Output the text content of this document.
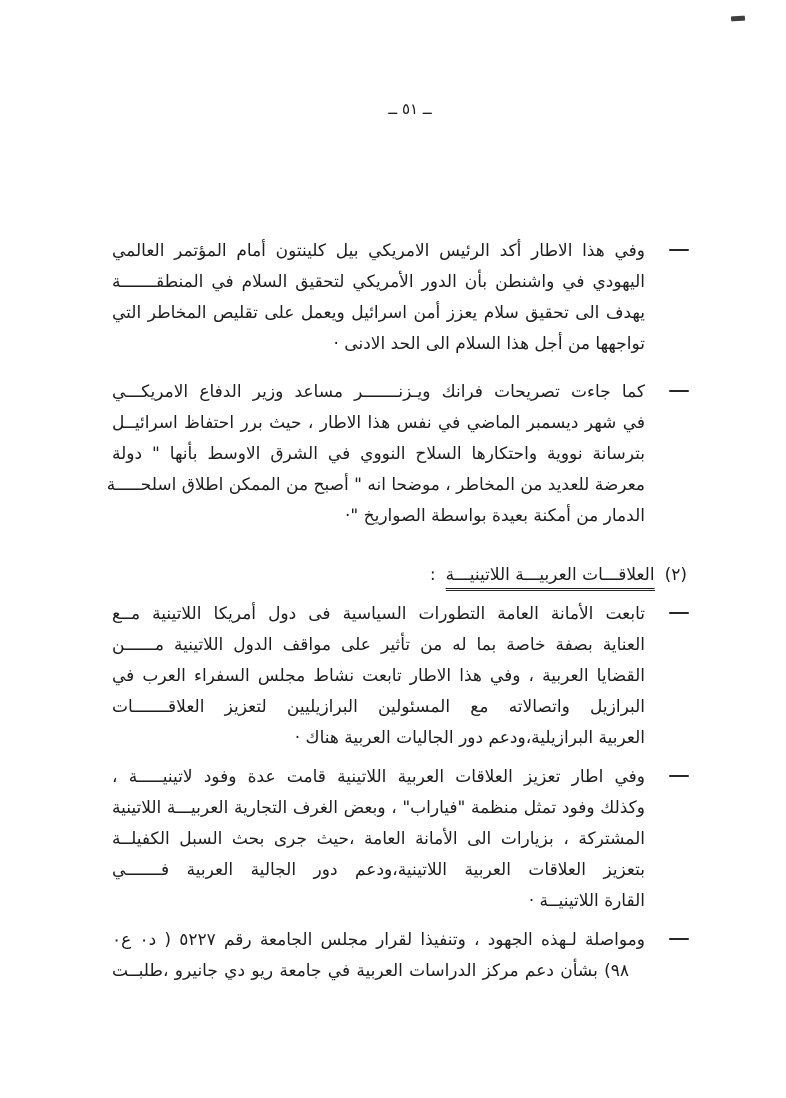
ــ ٥١ ــ
وفي هذا الاطار أكد الرئيس الامريكي بيل كلينتون أمام المؤتمر العالمي
اليهودي في واشنطن بأن الدور الأمريكي لتحقيق السلام في المنطقـــــــة
يهدف الى تحقيق سلام يعزز أمن اسرائيل ويعمل على تقليص المخاطر التي
تواجهها من أجل هذا السلام الى الحد الادنى ·
كما جاءت تصريحات فرانك ويـزنـــــــر مساعد وزير الدفاع الامريكـــي
في شهر ديسمبر الماضي في نفس هذا الاطار ، حيث برر احتفاظ اسرائيــل
بترسانة نووية واحتكارها السلاح النووي في الشرق الاوسط بأنها " دولة
معرضة للعديد من المخاطر ، موضحا انه " أصبح من الممكن اطلاق اسلحـــــة
الدمار من أمكنة بعيدة بواسطة الصواريخ "·
(٢)العلاقـــات العربيـــة اللاتينيـــة:
تابعت الأمانة العامة التطورات السياسية فى دول أمريكا اللاتينية مــع
العناية بصفة خاصة بما له من تأثير على مواقف الدول اللاتينية مــــــن
القضايا العربية ، وفي هذا الاطار تابعت نشاط مجلس السفراء العرب في
البرازيل واتصالاته مع المسئولين البرازيليين لتعزيز العلاقـــــــات
العربية البرازيلية،ودعم دور الجاليات العربية هناك ·
وفي اطار تعزيز العلاقات العربية اللاتينية قامت عدة وفود لاتينيـــــة ،
وكذلك وفود تمثل منظمة "فياراب" ، وبعض الغرف التجارية العربيـــة اللاتينية
المشتركة ، بزيارات الى الأمانة العامة ،حيث جرى بحث السبل الكفيلــة
بتعزيز العلاقات العربية اللاتينية،ودعم دور الجالية العربية فـــــــي
القارة اللاتينيــة ·
ومواصلة لـهذه الجهود ، وتنفيذا لقرار مجلس الجامعة رقم ٥٢٢٧ ( د٠ ع٠
٩٨) بشأن دعم مركز الدراسات العربية في جامعة ريو دي جانيرو ،طلبــت
